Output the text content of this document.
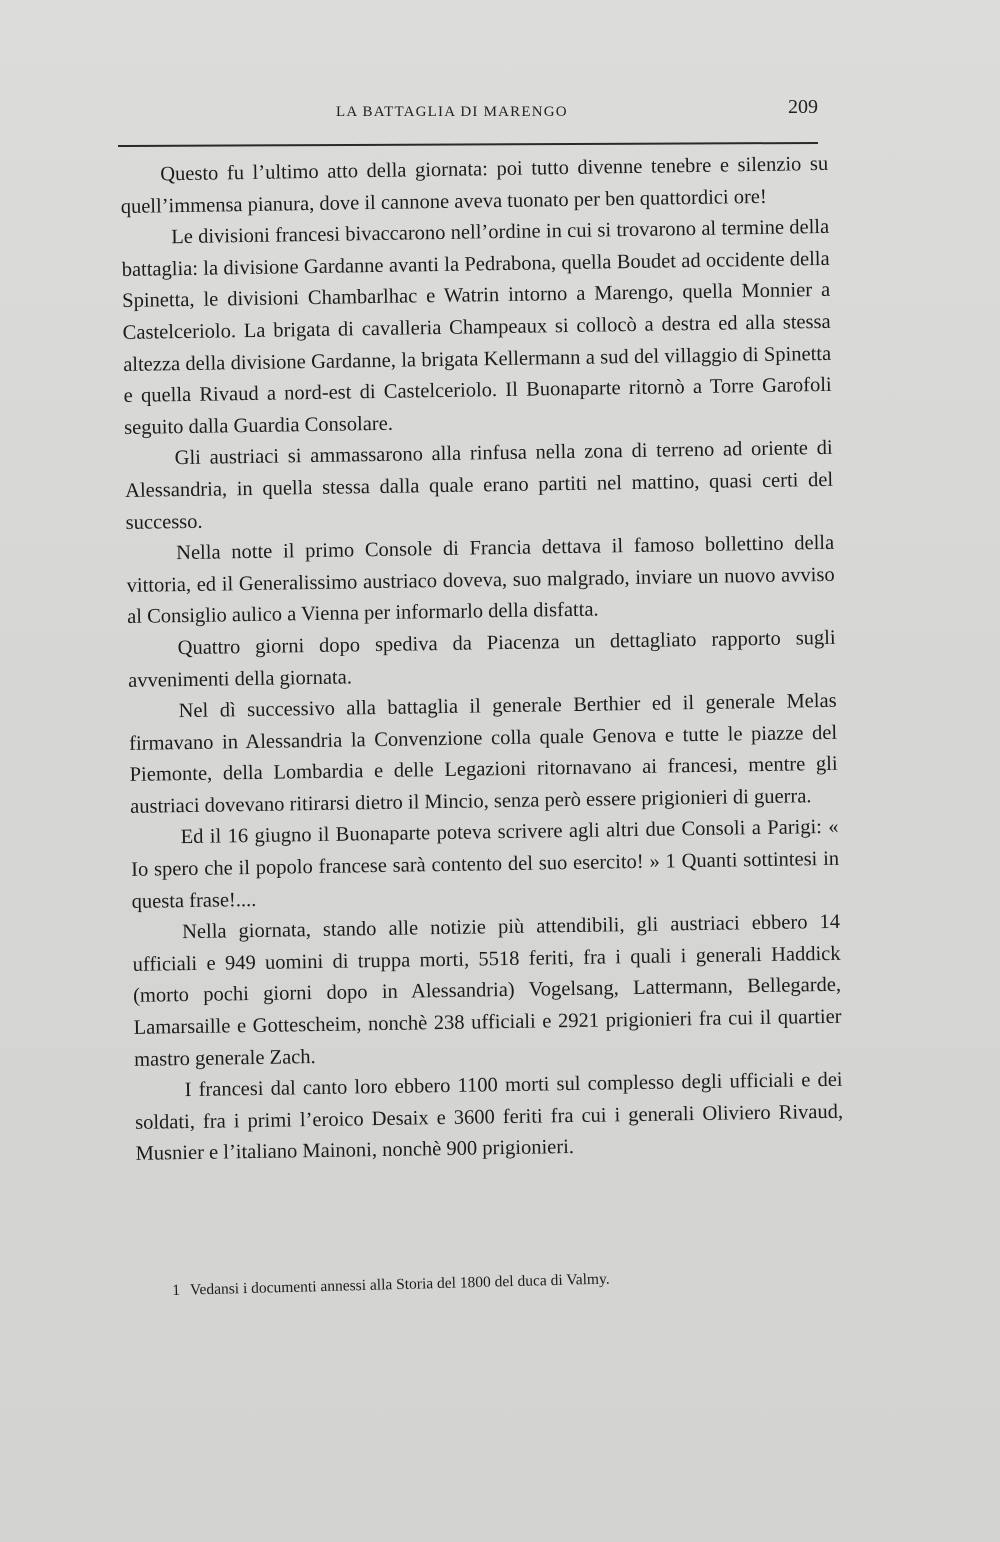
LA BATTAGLIA DI MARENGO	209

Questo fu l’ultimo atto della giornata: poi tutto divenne tenebre e silenzio su quell’immensa pianura, dove il cannone aveva tuonato per ben quattordici ore!

Le divisioni francesi bivaccarono nell’ordine in cui si trovarono al termine della battaglia: la divisione Gardanne avanti la Pedrabona, quella Boudet ad occidente della Spinetta, le divisioni Chambarlhac e Watrin intorno a Marengo, quella Monnier a Castelceriolo. La brigata di cavalleria Champeaux si collocò a destra ed alla stessa altezza della divisione Gardanne, la brigata Kellermann a sud del villaggio di Spinetta e quella Rivaud a nord-est di Castelceriolo. Il Buonaparte ritornò a Torre Garofoli seguito dalla Guardia Consolare.

Gli austriaci si ammassarono alla rinfusa nella zona di terreno ad oriente di Alessandria, in quella stessa dalla quale erano partiti nel mattino, quasi certi del successo.

Nella notte il primo Console di Francia dettava il famoso bollettino della vittoria, ed il Generalissimo austriaco doveva, suo malgrado, inviare un nuovo avviso al Consiglio aulico a Vienna per informarlo della disfatta.

Quattro giorni dopo spediva da Piacenza un dettagliato rapporto sugli avvenimenti della giornata.

Nel dì successivo alla battaglia il generale Berthier ed il generale Melas firmavano in Alessandria la Convenzione colla quale Genova e tutte le piazze del Piemonte, della Lombardia e delle Legazioni ritornavano ai francesi, mentre gli austriaci dovevano ritirarsi dietro il Mincio, senza però essere prigionieri di guerra.

Ed il 16 giugno il Buonaparte poteva scrivere agli altri due Consoli a Parigi: « Io spero che il popolo francese sarà contento del suo esercito! » 1 Quanti sottintesi in questa frase!....

Nella giornata, stando alle notizie più attendibili, gli austriaci ebbero 14 ufficiali e 949 uomini di truppa morti, 5518 feriti, fra i quali i generali Haddick (morto pochi giorni dopo in Alessandria) Vogelsang, Lattermann, Bellegarde, Lamarsaille e Gottescheim, nonchè 238 ufficiali e 2921 prigionieri fra cui il quartier mastro generale Zach.

I francesi dal canto loro ebbero 1100 morti sul complesso degli ufficiali e dei soldati, fra i primi l’eroico Desaix e 3600 feriti fra cui i generali Oliviero Rivaud, Musnier e l’italiano Mainoni, nonchè 900 prigionieri.

1 Vedansi i documenti annessi alla Storia del 1800 del duca di Valmy.
